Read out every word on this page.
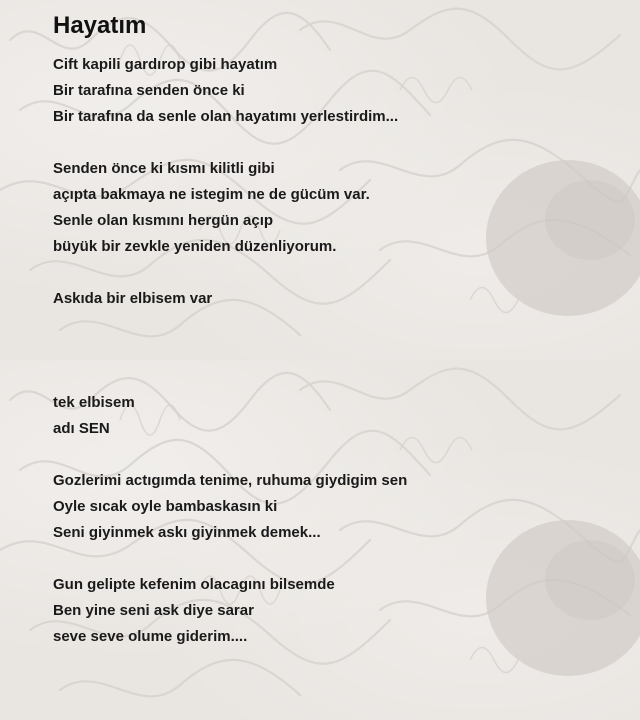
Hayatım
Cift kapili gardırop gibi hayatım
Bir tarafına senden önce ki
Bir tarafına da senle olan hayatımı yerlestirdim...
Senden önce ki kısmı kilitli gibi
açıpta bakmaya ne istegim ne de gücüm var.
Senle olan kısmını hergün açıp
büyük bir zevkle yeniden düzenliyorum.
Askıda bir elbisem var
tek elbisem
adı SEN
Gozlerimi actıgımda tenime, ruhuma giydigim sen
Oyle sıcak oyle bambaskasın ki
Seni giyinmek askı giyinmek demek...
Gun gelipte kefenim olacagını bilsemde
Ben yine seni ask diye sarar
seve seve olume giderim....
